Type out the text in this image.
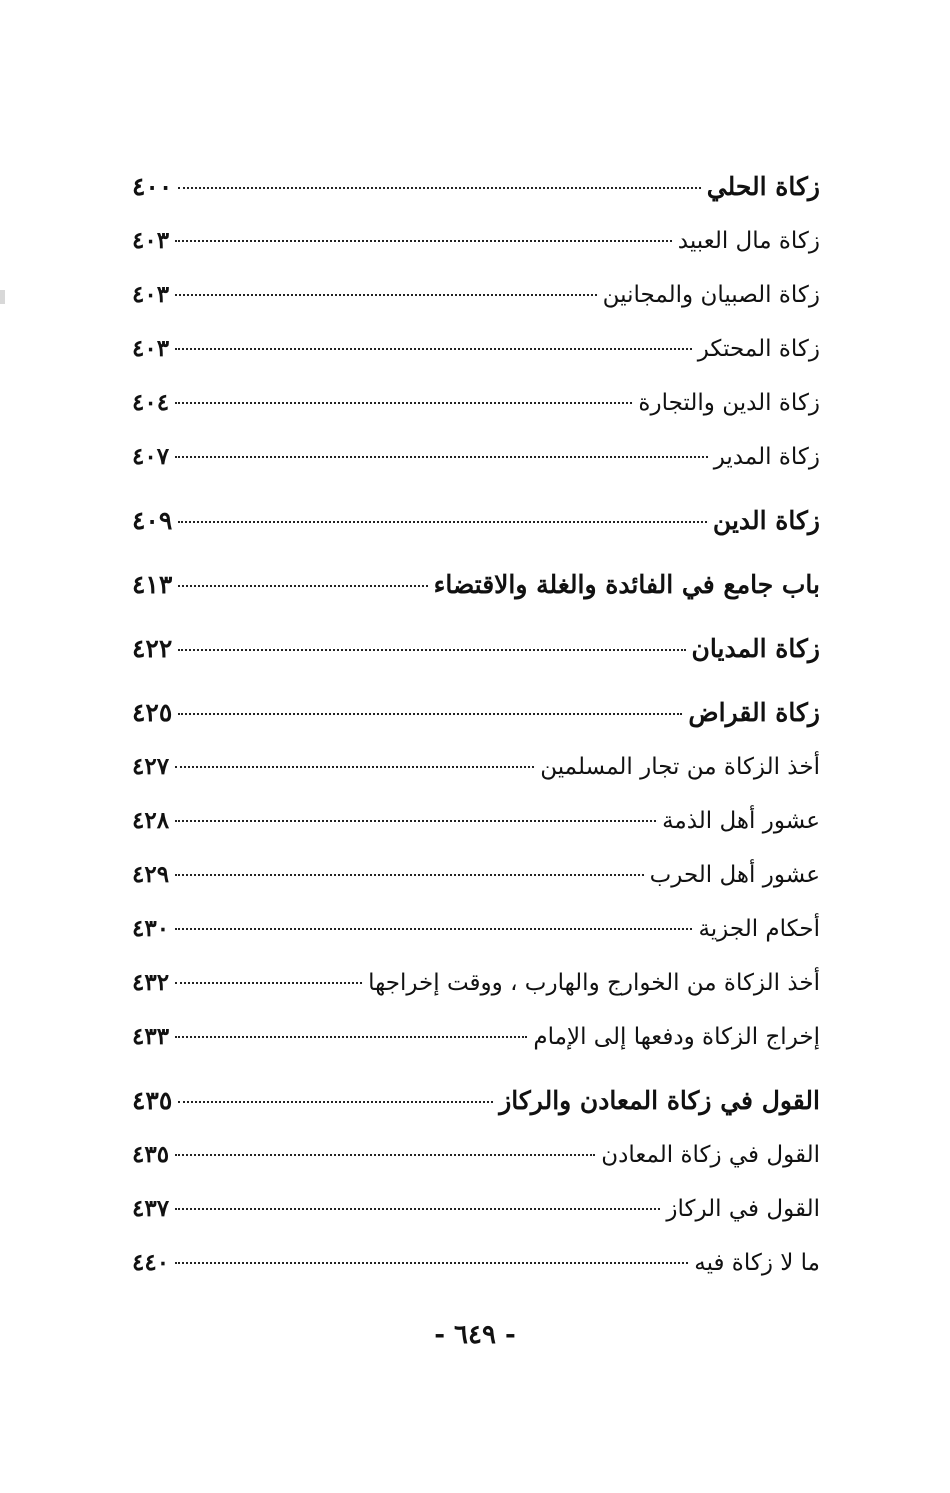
زكاة الحلي
٤٠٠
زكاة مال العبيد
٤٠٣
زكاة الصبيان والمجانين
٤٠٣
زكاة المحتكر
٤٠٣
زكاة الدين والتجارة
٤٠٤
زكاة المدير
٤٠٧
زكاة الدين
٤٠٩
باب جامع في الفائدة والغلة والاقتضاء
٤١٣
زكاة المديان
٤٢٢
زكاة القراض
٤٢٥
أخذ الزكاة من تجار المسلمين
٤٢٧
عشور أهل الذمة
٤٢٨
عشور أهل الحرب
٤٢٩
أحكام الجزية
٤٣٠
أخذ الزكاة من الخوارج والهارب ، ووقت إخراجها
٤٣٢
إخراج الزكاة ودفعها إلى الإمام
٤٣٣
القول في زكاة المعادن والركاز
٤٣٥
القول في زكاة المعادن
٤٣٥
القول في الركاز
٤٣٧
ما لا زكاة فيه
٤٤٠
- ٦٤٩ -
